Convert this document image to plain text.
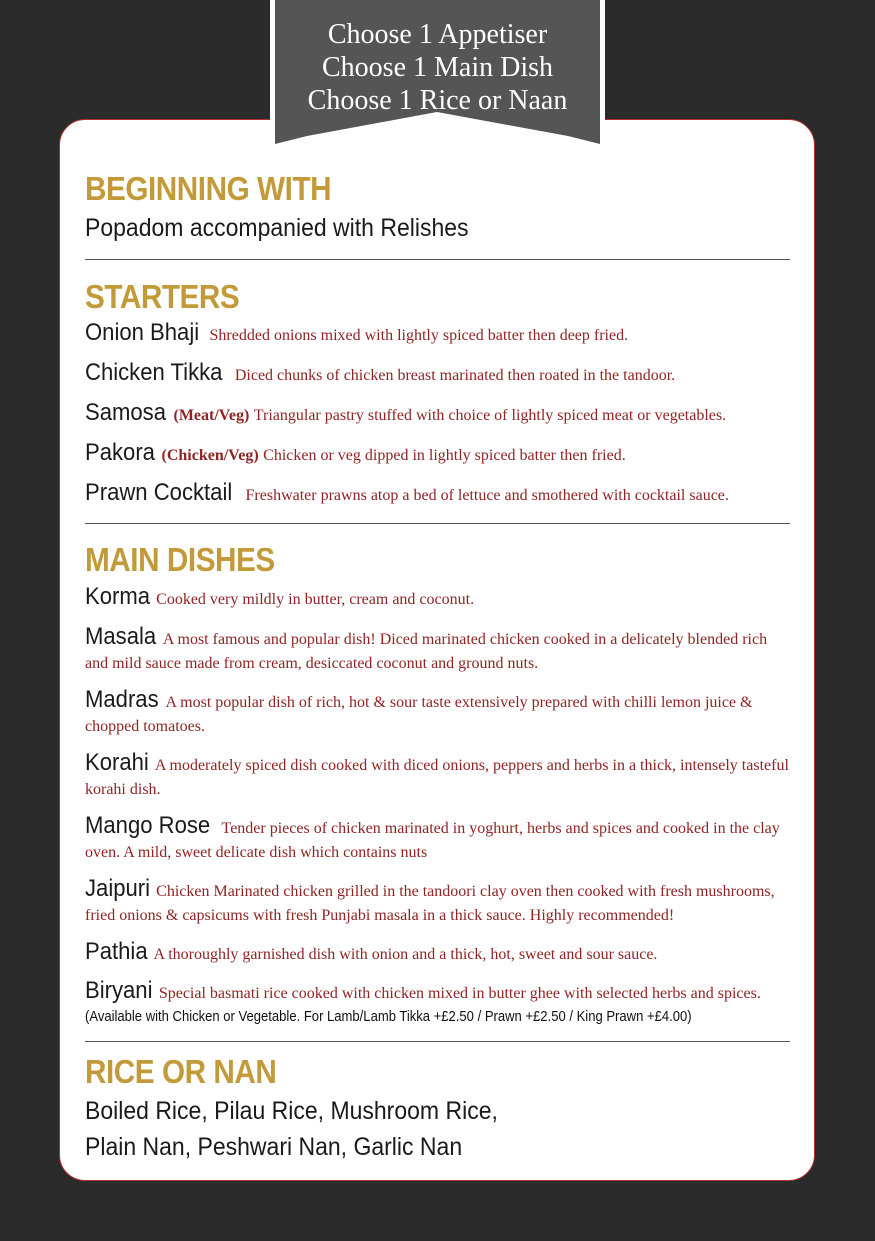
Choose 1 Appetiser
Choose 1 Main Dish
Choose 1 Rice or Naan
BEGINNING WITH

Popadom accompanied with Relishes

STARTERS

Onion Bhaji Shredded onions mixed with lightly spiced batter then deep fried.

Chicken Tikka Diced chunks of chicken breast marinated then roated in the tandoor.

Samosa (Meat/Veg) Triangular pastry stuffed with choice of lightly spiced meat or vegetables.

Pakora (Chicken/Veg) Chicken or veg dipped in lightly spiced batter then fried.

Prawn Cocktail Freshwater prawns atop a bed of lettuce and smothered with cocktail sauce.

MAIN DISHES

Korma Cooked very mildly in butter, cream and coconut.

Masala A most famous and popular dish! Diced marinated chicken cooked in a delicately blended rich and mild sauce made from cream, desiccated coconut and ground nuts.

Madras A most popular dish of rich, hot & sour taste extensively prepared with chilli lemon juice & chopped tomatoes.

Korahi A moderately spiced dish cooked with diced onions, peppers and herbs in a thick, intensely tasteful korahi dish.

Mango Rose Tender pieces of chicken marinated in yoghurt, herbs and spices and cooked in the clay oven. A mild, sweet delicate dish which contains nuts

Jaipuri Chicken Marinated chicken grilled in the tandoori clay oven then cooked with fresh mushrooms, fried onions & capsicums with fresh Punjabi masala in a thick sauce. Highly recommended!

Pathia A thoroughly garnished dish with onion and a thick, hot, sweet and sour sauce.

Biryani Special basmati rice cooked with chicken mixed in butter ghee with selected herbs and spices.

(Available with Chicken or Vegetable. For Lamb/Lamb Tikka +£2.50 / Prawn +£2.50 / King Prawn +£4.00)

RICE OR NAN

Boiled Rice, Pilau Rice, Mushroom Rice,

Plain Nan, Peshwari Nan, Garlic Nan
